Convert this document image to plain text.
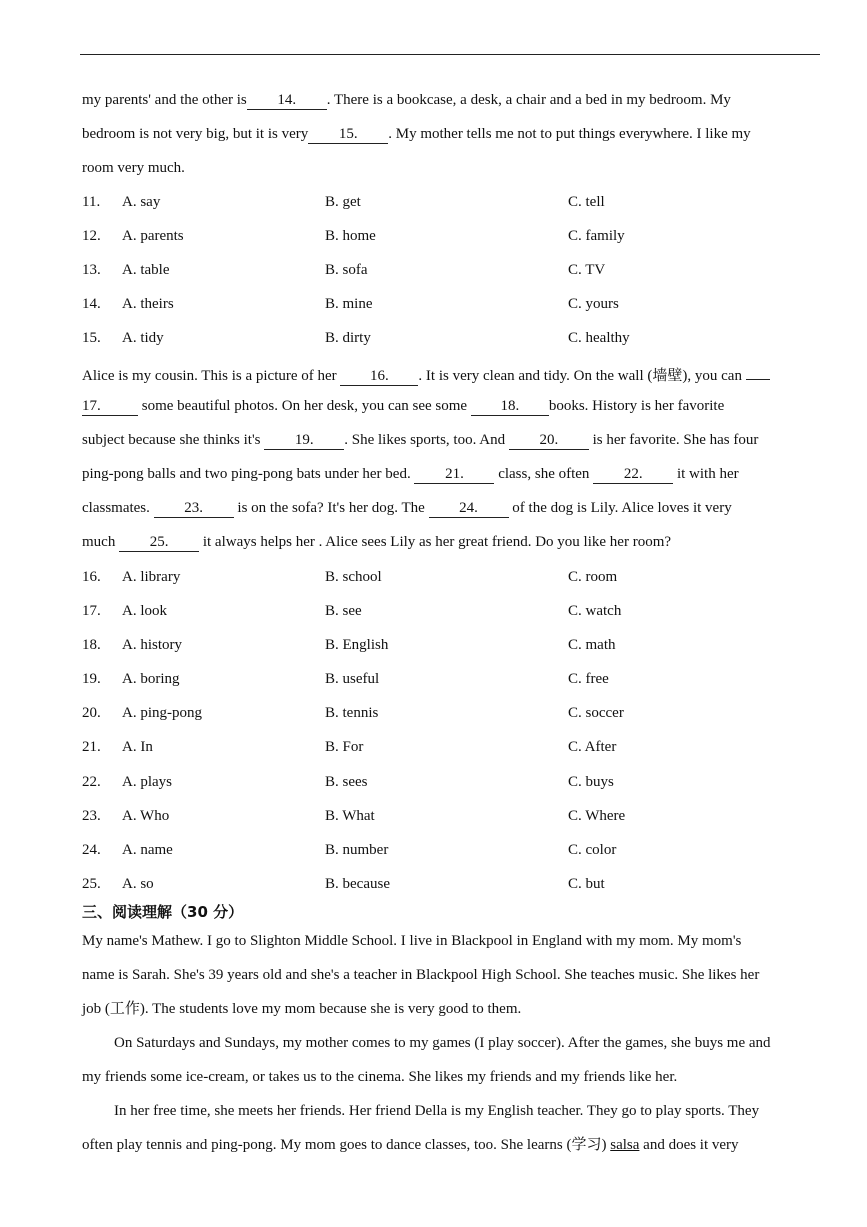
my parents' and the other is 14. . There is a bookcase, a desk, a chair and a bed in my bedroom. My
bedroom is not very big, but it is very 15. . My mother tells me not to put things everywhere. I like my
room very much.
11. A. say	B. get	C. tell
12. A. parents	B. home	C. family
13. A. table	B. sofa	C. TV
14. A. theirs	B. mine	C. yours
15. A. tidy	B. dirty	C. healthy
Alice is my cousin. This is a picture of her 16. . It is very clean and tidy. On the wall (墙壁), you can
17. some beautiful photos. On her desk, you can see some 18. books. History is her favorite
subject because she thinks it's 19. . She likes sports, too. And 20. is her favorite. She has four
ping-pong balls and two ping-pong bats under her bed. 21. class, she often 22. it with her
classmates. 23. is on the sofa? It's her dog. The 24. of the dog is Lily. Alice loves it very
much 25. it always helps her . Alice sees Lily as her great friend. Do you like her room?
16. A. library	B. school	C. room
17. A. look	B. see	C. watch
18. A. history	B. English	C. math
19. A. boring	B. useful	C. free
20. A. ping-pong	B. tennis	C. soccer
21. A. In	B. For	C. After
22. A. plays	B. sees	C. buys
23. A. Who	B. What	C. Where
24. A. name	B. number	C. color
25. A. so	B. because	C. but
三、阅读理解（30 分）
My name's Mathew. I go to Slighton Middle School. I live in Blackpool in England with my mom. My mom's
name is Sarah. She's 39 years old and she's a teacher in Blackpool High School. She teaches music. She likes her
job (工作). The students love my mom because she is very good to them.
On Saturdays and Sundays, my mother comes to my games (I play soccer). After the games, she buys me and
my friends some ice-cream, or takes us to the cinema. She likes my friends and my friends like her.
In her free time, she meets her friends. Her friend Della is my English teacher. They go to play sports. They
often play tennis and ping-pong. My mom goes to dance classes, too. She learns (学习) salsa and does it very
